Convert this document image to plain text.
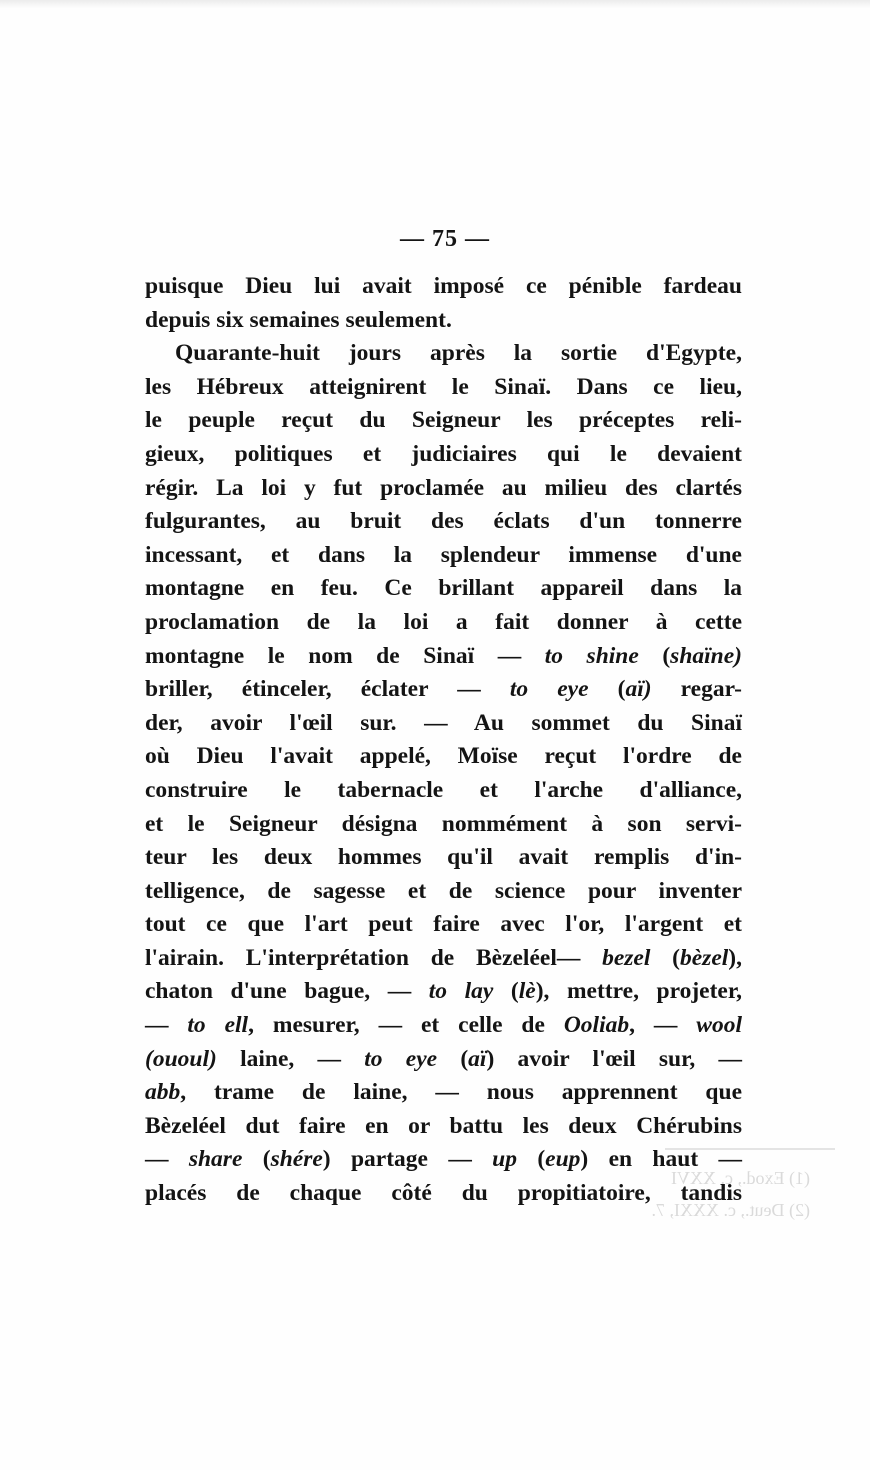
(1) Exod., c. XXVI
(2) Deut., c. XXXI, 7.
— 75 —
puisque Dieu lui avait imposé ce pénible fardeau
depuis six semaines seulement.
Quarante-huit jours après la sortie d'Egypte,
les Hébreux atteignirent le Sinaï. Dans ce lieu,
le peuple reçut du Seigneur les préceptes reli-
gieux, politiques et judiciaires qui le devaient
régir. La loi y fut proclamée au milieu des clartés
fulgurantes, au bruit des éclats d'un tonnerre
incessant, et dans la splendeur immense d'une
montagne en feu. Ce brillant appareil dans la
proclamation de la loi a fait donner à cette
montagne le nom de Sinaï — to shine (shaïne)
briller, étinceler, éclater — to eye (aï) regar-
der, avoir l'œil sur. — Au sommet du Sinaï
où Dieu l'avait appelé, Moïse reçut l'ordre de
construire le tabernacle et l'arche d'alliance,
et le Seigneur désigna nommément à son servi-
teur les deux hommes qu'il avait remplis d'in-
telligence, de sagesse et de science pour inventer
tout ce que l'art peut faire avec l'or, l'argent et
l'airain. L'interprétation de Bèzeléel— bezel (bèzel),
chaton d'une bague, — to lay (lè), mettre, projeter,
— to ell, mesurer, — et celle de Ooliab, — wool
(ououl) laine, — to eye (aï) avoir l'œil sur, —
abb, trame de laine, — nous apprennent que
Bèzeléel dut faire en or battu les deux Chérubins
— share (shére) partage — up (eup) en haut —
placés de chaque côté du propitiatoire, tandis
